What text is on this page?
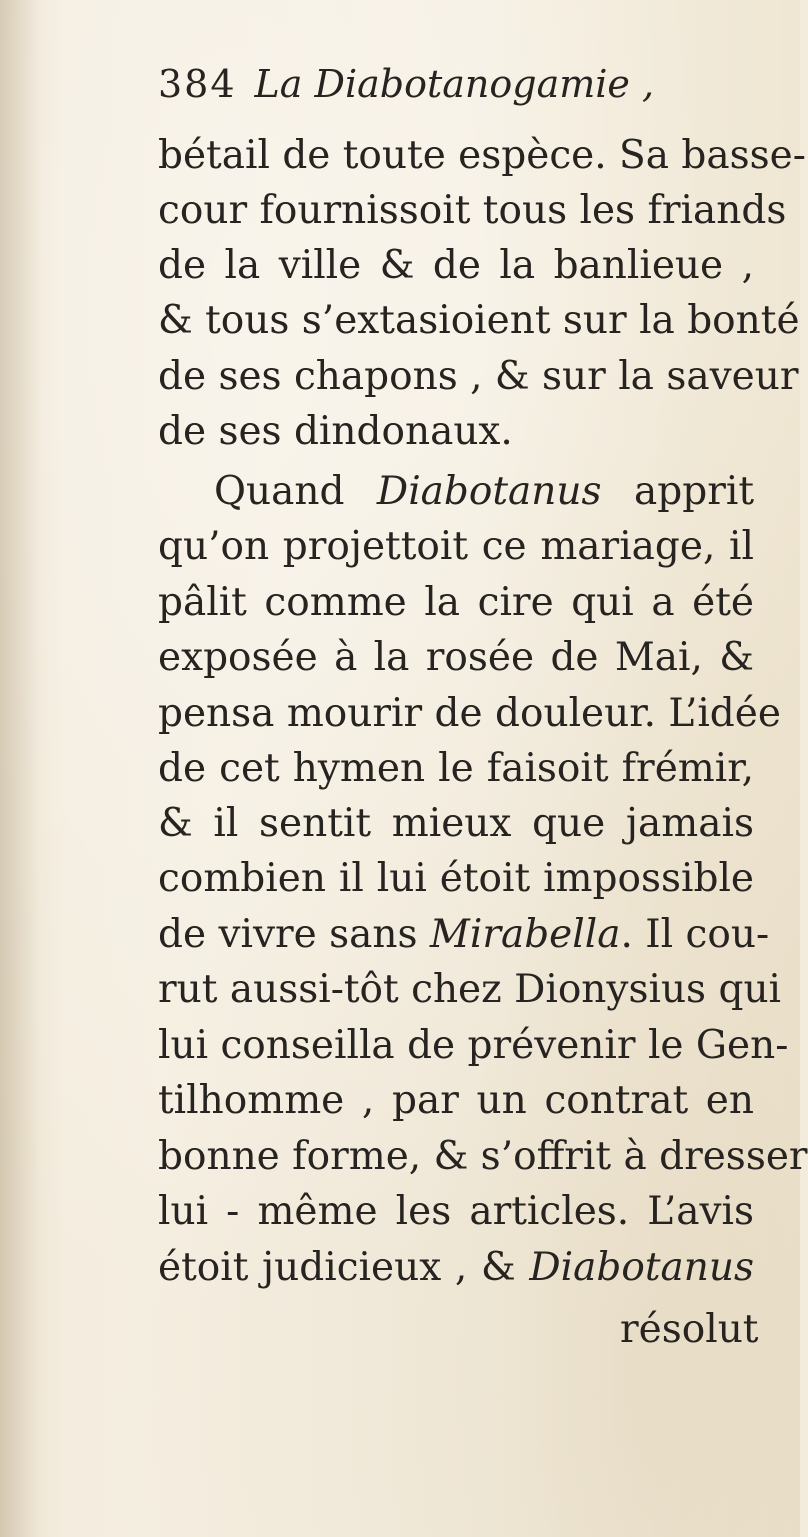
384 La Diabotanogamie ,
bétail de toute espèce. Sa basse-
cour fournissoit tous les friands
de la ville & de la banlieue ,
& tous s’extasioient sur la bonté
de ses chapons , & sur la saveur
de ses dindonaux.
Quand Diabotanus apprit
qu’on projettoit ce mariage, il
pâlit comme la cire qui a été
exposée à la rosée de Mai, &
pensa mourir de douleur. L’idée
de cet hymen le faisoit frémir,
& il sentit mieux que jamais
combien il lui étoit impossible
de vivre sans Mirabella. Il cou-
rut aussi-tôt chez Dionysius qui
lui conseilla de prévenir le Gen-
tilhomme , par un contrat en
bonne forme, & s’offrit à dresser
lui - même les articles. L’avis
étoit judicieux , & Diabotanus
résolut
